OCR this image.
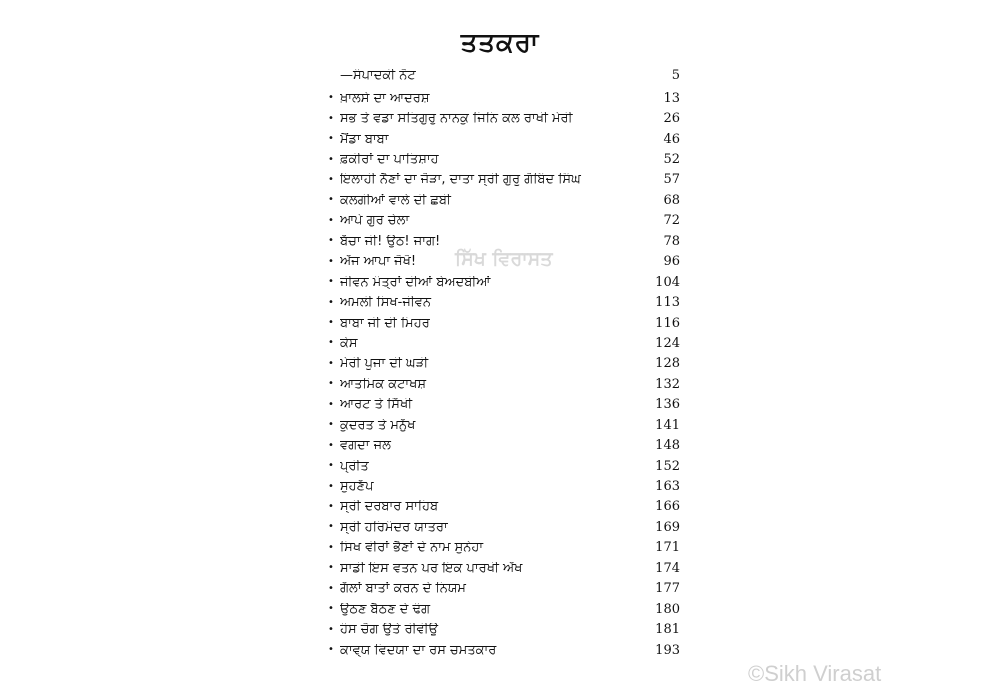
ਤਤਕਰਾ
—ਸੰਪਾਦਕੀ ਨੋਟ	5
• ਖ਼ਾਲਸੇ ਦਾ ਆਦਰਸ਼	13
• ਸਭ ਤੇ ਵਡਾ ਸਤਿਗੁਰੁ ਨਾਨਕੁ ਜਿਨਿ ਕਲ ਰਾਖੀ ਮੇਰੀ	26
• ਮੈਂਡਾ ਬਾਬਾ	46
• ਫ਼ਕੀਰਾਂ ਦਾ ਪਾਤਿਸ਼ਾਹ	52
• ਇਲਾਹੀ ਨੈਣਾਂ ਦਾ ਜੋੜਾ, ਦਾਤਾ ਸ੍ਰੀ ਗੁਰੂ ਗੋਬਿੰਦ ਸਿੰਘ	57
• ਕਲਗੀਆਂ ਵਾਲੇ ਦੀ ਛਬੀ	68
• ਆਪੇ ਗੁਰ ਚੇਲਾ	72
• ਬੱਚਾ ਜੀ! ਉਠ! ਜਾਗ!	78
• ਅੱਜ ਆਪਾ ਜੋਖੋ!	96
• ਜੀਵਨ ਮੰਤ੍ਰਾਂ ਦੀਆਂ ਬੇਅਦਬੀਆਂ	104
• ਅਮਲੀ ਸਿਖ-ਜੀਵਨ	113
• ਬਾਬਾ ਜੀ ਦੀ ਮਿਹਰ	116
• ਕੇਸ	124
• ਮੇਰੀ ਪੂਜਾ ਦੀ ਘੜੀ	128
• ਆਤਮਿਕ ਕਟਾਖਸ਼	132
• ਆਰਟ ਤੇ ਸਿੱਖੀ	136
• ਕੁਦਰਤ ਤੇ ਮਨੁੱਖ	141
• ਵਗਦਾ ਜਲ	148
• ਪ੍ਰੀਤ	152
• ਸੁਹਣੱਪ	163
• ਸ੍ਰੀ ਦਰਬਾਰ ਸਾਹਿਬ	166
• ਸ੍ਰੀ ਹਰਿਮੰਦਰ ਯਾਤਰਾ	169
• ਸਿਖ ਵੀਰਾਂ ਭੈਣਾਂ ਦੇ ਨਾਮ ਸੁਨੇਹਾ	171
• ਸਾਡੀ ਇਸ ਵਤਨ ਪਰ ਇਕ ਪਾਰਖੀ ਅੱਖ	174
• ਗੱਲਾਂ ਬਾਤਾਂ ਕਰਨ ਦੇ ਨਿਯਮ	177
• ਉਠਣ ਬੈਠਣ ਦੇ ਢੰਗ	180
• ਹੰਸ ਚੋਗ ਉਤੇ ਰੀਵੀਊ	181
• ਕਾਵ੍ਯ ਵਿਦਯਾ ਦਾ ਰਸ ਚਮਤਕਾਰ	193
ਸਿੱਖ ਵਿਰਾਸਤ
©Sikh Virasat
